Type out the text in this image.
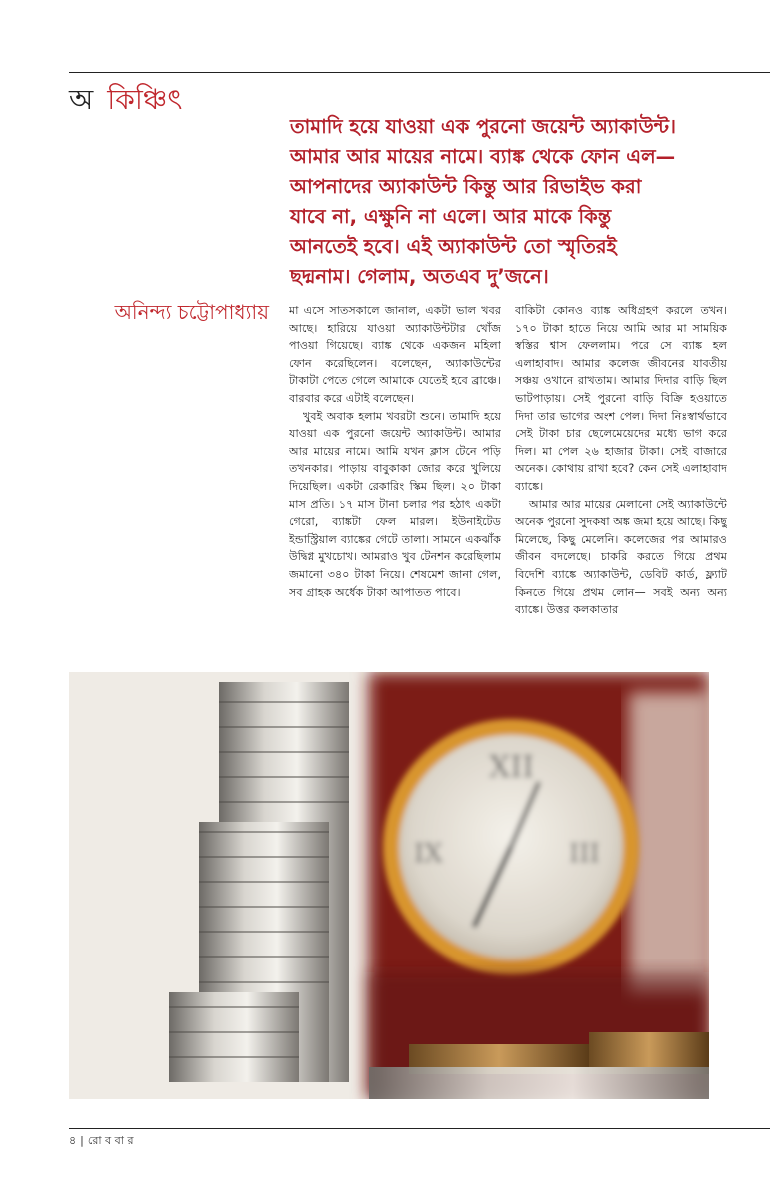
অ কিঞ্চিৎ
তামাদি হয়ে যাওয়া এক পুরনো জয়েন্ট অ্যাকাউন্ট। আমার আর মায়ের নামে। ব্যাঙ্ক থেকে ফোন এল— আপনাদের অ্যাকাউন্ট কিন্তু আর রিভাইভ করা যাবে না, এক্ষুনি না এলে। আর মাকে কিন্তু আনতেই হবে। এই অ্যাকাউন্ট তো স্মৃতিরই ছদ্মনাম। গেলাম, অতএব দু’জনে।
অনিন্দ্য চট্টোপাধ্যায় মা এসে সাতসকালে জানাল, একটা ভাল খবর আছে। হারিয়ে যাওয়া অ্যাকাউন্টটার খোঁজ পাওয়া গিয়েছে। ব্যাঙ্ক থেকে একজন মহিলা ফোন করেছিলেন। বলেছেন, অ্যাকাউন্টের টাকাটা পেতে গেলে আমাকে যেতেই হবে ব্রাঞ্চে। বারবার করে এটাই বলেছেন।

খুবই অবাক হলাম খবরটা শুনে। তামাদি হয়ে যাওয়া এক পুরনো জয়েন্ট অ্যাকাউন্ট। আমার আর মায়ের নামে। আমি যখন ক্লাস টেনে পড়ি তখনকার। পাড়ায় বাবুকাকা জোর করে খুলিয়ে দিয়েছিল। একটা রেকারিং স্কিম ছিল। ২০ টাকা মাস প্রতি। ১৭ মাস টানা চলার পর হঠাৎ একটা গেরো, ব্যাঙ্কটা ফেল মারল। ইউনাইটেড ইন্ডাস্ট্রিয়াল ব্যাঙ্কের গেটে তালা। সামনে একঝাঁক উদ্বিগ্ন মুখচোখ। আমরাও খুব টেনশন করেছিলাম জমানো ৩৪০ টাকা নিয়ে। শেষমেশ জানা গেল, সব গ্রাহক অর্ধেক টাকা আপাতত পাবে।

বাকিটা কোনও ব্যাঙ্ক অধিগ্রহণ করলে তখন। ১৭০ টাকা হাতে নিয়ে আমি আর মা সাময়িক স্বস্তির শ্বাস ফেললাম। পরে সে ব্যাঙ্ক হল এলাহাবাদ। আমার কলেজ জীবনের যাবতীয় সঞ্চয় ওখানে রাখতাম। আমার দিদার বাড়ি ছিল ভাটপাড়ায়। সেই পুরনো বাড়ি বিক্রি হওয়াতে দিদা তার ভাগের অংশ পেল। দিদা নিঃস্বার্থভাবে সেই টাকা চার ছেলেমেয়েদের মধ্যে ভাগ করে দিল। মা পেল ২৬ হাজার টাকা। সেই বাজারে অনেক। কোথায় রাখা হবে? কেন সেই এলাহাবাদ ব্যাঙ্কে।

আমার আর মায়ের মেলানো সেই অ্যাকাউন্টে অনেক পুরনো সুদকষা অঙ্ক জমা হয়ে আছে। কিছু মিলেছে, কিছু মেলেনি। কলেজের পর আমারও জীবন বদলেছে। চাকরি করতে গিয়ে প্রথম বিদেশি ব্যাঙ্কে অ্যাকাউন্ট, ডেবিট কার্ড, ফ্ল্যাট কিনতে গিয়ে প্রথম লোন— সবই অন্য অন্য ব্যাঙ্কে। উত্তর কলকাতার

XII
IX	III
৪ | রো ব বা র
